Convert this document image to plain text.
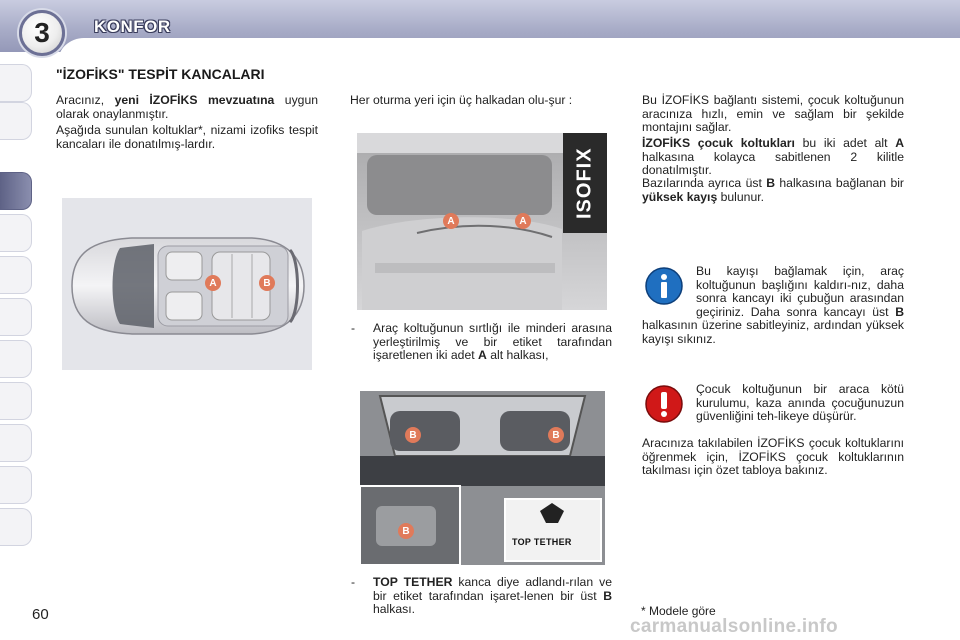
3	KONFOR
"İZOFİKS" TESPİT KANCALARI
Aracınız, yeni İZOFİKS mevzuatına uygun olarak onaylanmıştır.
Aşağıda sunulan koltuklar*, nizami izofiks tespit kancaları ile donatılmış-lardır.
A	B
Her oturma yeri için üç halkadan olu-şur :
ISOFIX
A	A
-	Araç koltuğunun sırtlığı ile minderi arasına yerleştirilmiş ve bir etiket tarafından işaretlenen iki adet A alt halkası,
TOP TETHER
B	B
B
-	TOP TETHER kanca diye adlandı-rılan ve bir etiket tarafından işaret-lenen bir üst B halkası.
Bu İZOFİKS bağlantı sistemi, çocuk koltuğunun aracınıza hızlı, emin ve sağlam bir şekilde montajını sağlar.
İZOFİKS çocuk koltukları bu iki adet alt A halkasına kolayca sabitlenen 2 kilitle donatılmıştır.
Bazılarında ayrıca üst B halkasına bağlanan bir yüksek kayış bulunur.
Bu kayışı bağlamak için, araç koltuğunun başlığını kaldırı-nız, daha sonra kancayı iki çubuğun arasından geçiriniz. Daha sonra kancayı üst B halkasının üzerine sabitleyiniz, ardından yüksek kayışı sıkınız.
Çocuk koltuğunun bir araca kötü kurulumu, kaza anında çocuğunuzun güvenliğini teh-likeye düşürür.
Aracınıza takılabilen İZOFİKS çocuk koltuklarını öğrenmek için, İZOFİKS çocuk koltuklarının takılması için özet tabloya bakınız.
60	* Modele göre
carmanualsonline.info
